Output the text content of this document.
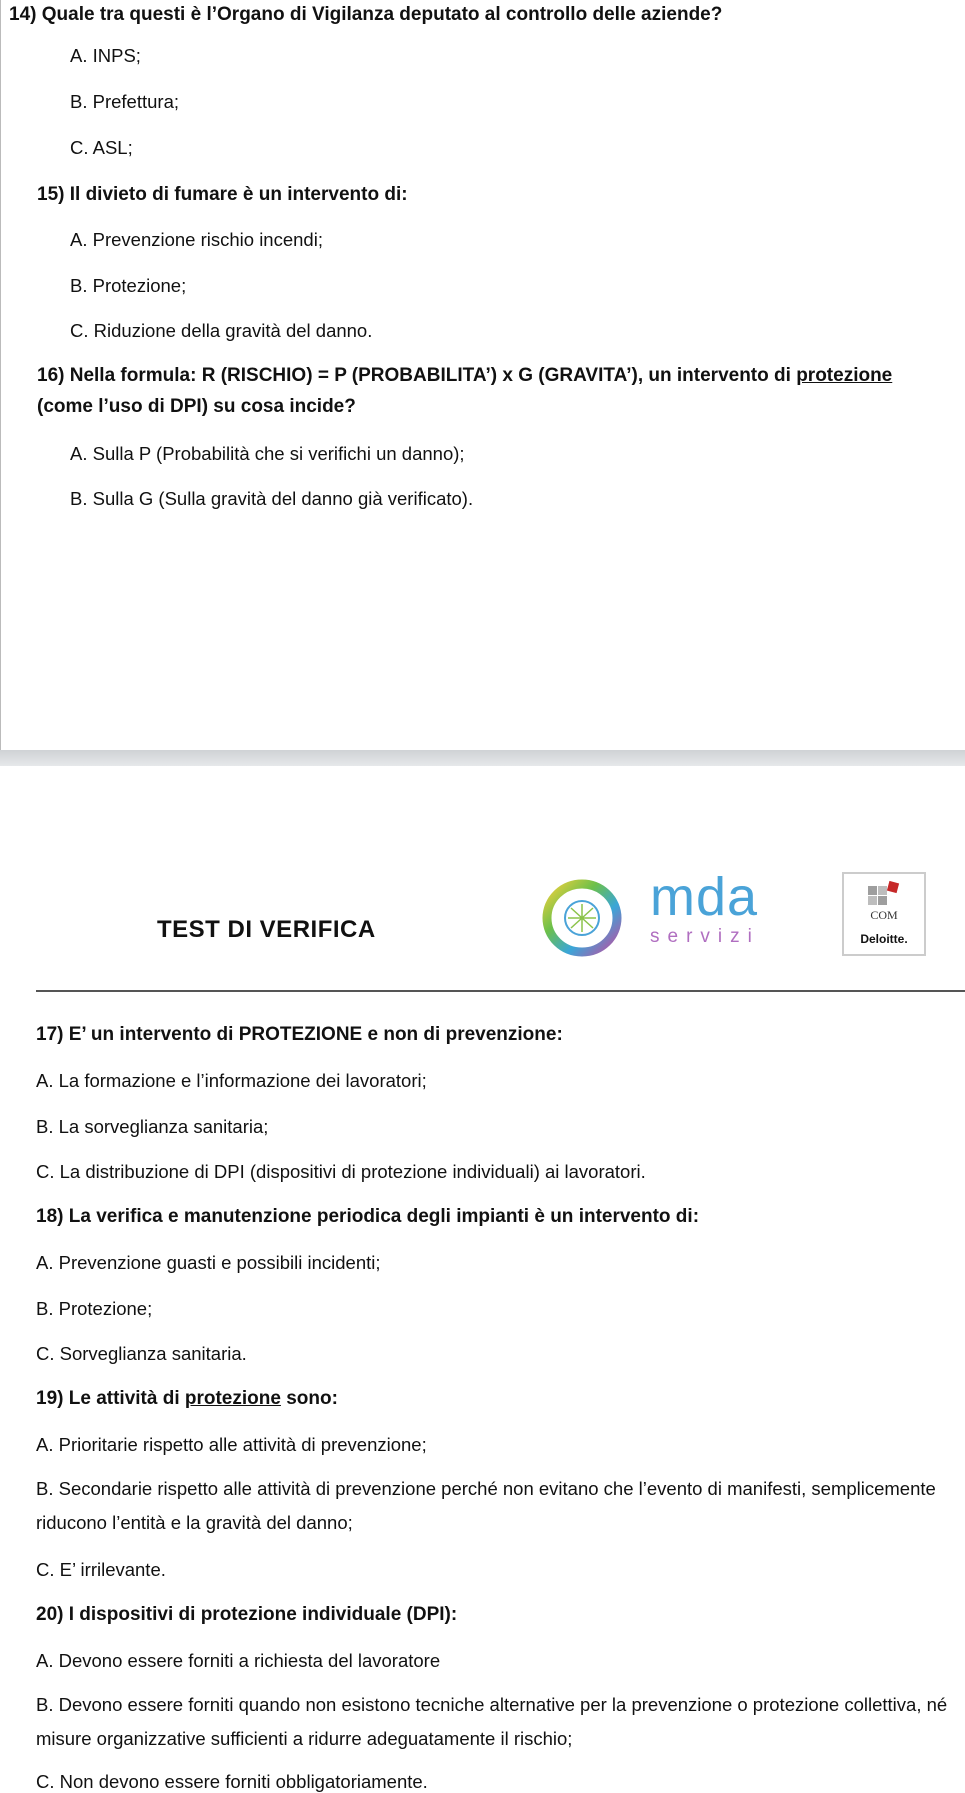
14) Quale tra questi è l’Organo di Vigilanza deputato al controllo delle aziende?
A. INPS;
B. Prefettura;
C. ASL;
15) Il divieto di fumare è un intervento di:
A. Prevenzione rischio incendi;
B. Protezione;
C. Riduzione della gravità del danno.
16) Nella formula: R (RISCHIO) = P (PROBABILITA’) x G (GRAVITA’), un intervento di protezione
(come l’uso di DPI) su cosa incide?
A. Sulla P (Probabilità che si verifichi un danno);
B. Sulla G (Sulla gravità del danno già verificato).
TEST DI VERIFICA
mda
servizi
COM
Deloitte.
17) E’ un intervento di PROTEZIONE e non di prevenzione:
A. La formazione e l’informazione dei lavoratori;
B. La sorveglianza sanitaria;
C. La distribuzione di DPI (dispositivi di protezione individuali) ai lavoratori.
18) La verifica e manutenzione periodica degli impianti è un intervento di:
A. Prevenzione guasti e possibili incidenti;
B. Protezione;
C. Sorveglianza sanitaria.
19) Le attività di protezione sono:
A. Prioritarie rispetto alle attività di prevenzione;
B. Secondarie rispetto alle attività di prevenzione perché non evitano che l’evento di manifesti, semplicemente riducono l’entità e la gravità del danno;
C. E’ irrilevante.
20) I dispositivi di protezione individuale (DPI):
A. Devono essere forniti a richiesta del lavoratore
B. Devono essere forniti quando non esistono tecniche alternative per la prevenzione o protezione collettiva, né misure organizzative sufficienti a ridurre adeguatamente il rischio;
C. Non devono essere forniti obbligatoriamente.
